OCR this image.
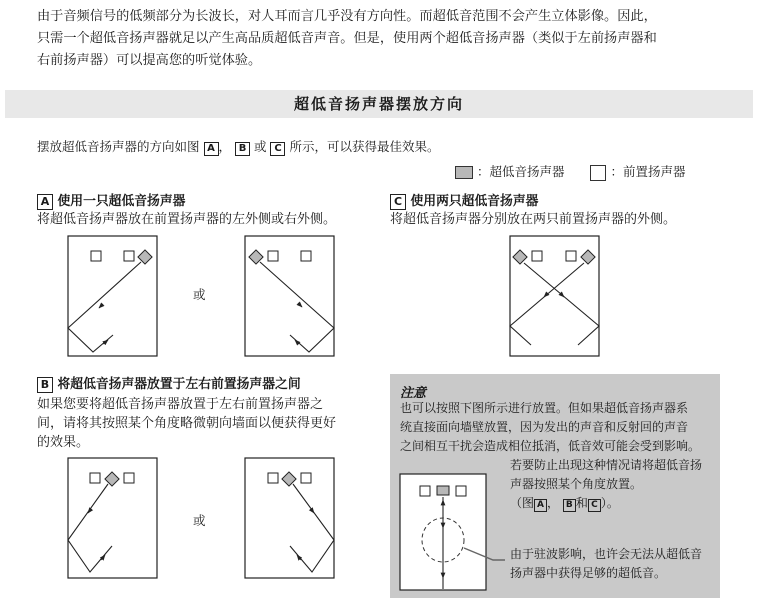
由于音频信号的低频部分为长波长，对人耳而言几乎没有方向性。而超低音范围不会产生立体影像。因此，
只需一个超低音扬声器就足以产生高品质超低音声音。但是，使用两个超低音扬声器（类似于左前扬声器和
右前扬声器）可以提高您的听觉体验。
超低音扬声器摆放方向
摆放超低音扬声器的方向如图 A ， B 或 C 所示，可以获得最佳效果。
：超低音扬声器	：前置扬声器
A 使用一只超低音扬声器
将超低音扬声器放在前置扬声器的左外侧或右外侧。
或
C 使用两只超低音扬声器
将超低音扬声器分别放在两只前置扬声器的外侧。
B 将超低音扬声器放置于左右前置扬声器之间
如果您要将超低音扬声器放置于左右前置扬声器之
间，请将其按照某个角度略微朝向墙面以便获得更好
的效果。
或
注意
也可以按照下图所示进行放置。但如果超低音扬声器系
统直接面向墙壁放置，因为发出的声音和反射回的声音
之间相互干扰会造成相位抵消，低音效可能会受到影响。
若要防止出现这种情况请将超低音扬
声器按照某个角度放置。
（图 A ， B 和 C ）。
由于驻波影响，也许会无法从超低音
扬声器中获得足够的超低音。
